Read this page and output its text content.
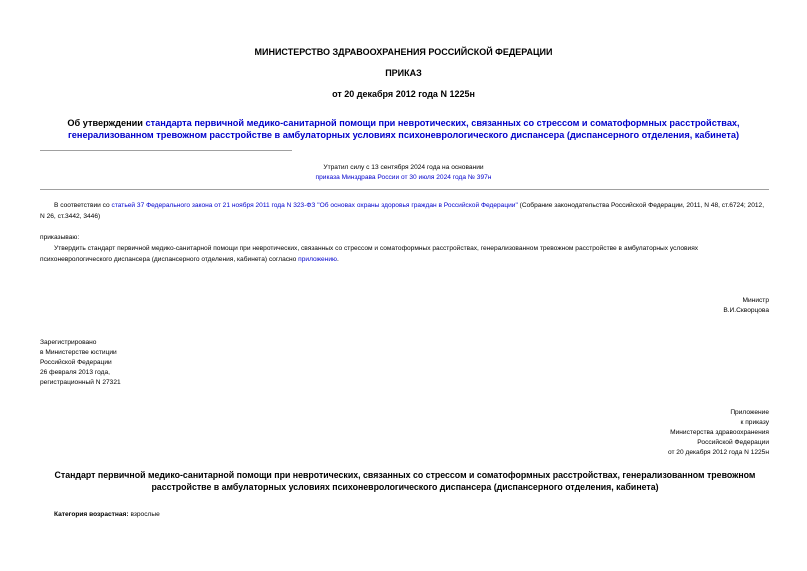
МИНИСТЕРСТВО ЗДРАВООХРАНЕНИЯ РОССИЙСКОЙ ФЕДЕРАЦИИ
ПРИКАЗ
от 20 декабря 2012 года N 1225н
Об утверждении стандарта первичной медико-санитарной помощи при невротических, связанных со стрессом и соматоформных расстройствах, генерализованном тревожном расстройстве в амбулаторных условиях психоневрологического диспансера (диспансерного отделения, кабинета)
Утратил силу с 13 сентября 2024 года на основании
приказа Минздрава России от 30 июля 2024 года № 397н
В соответствии со статьей 37 Федерального закона от 21 ноября 2011 года N 323-ФЗ "Об основах охраны здоровья граждан в Российской Федерации" (Собрание законодательства Российской Федерации, 2011, N 48, ст.6724; 2012, N 26, ст.3442, 3446)
приказываю:
Утвердить стандарт первичной медико-санитарной помощи при невротических, связанных со стрессом и соматоформных расстройствах, генерализованном тревожном расстройстве в амбулаторных условиях психоневрологического диспансера (диспансерного отделения, кабинета) согласно приложению.
Министр
В.И.Скворцова
Зарегистрировано
в Министерстве юстиции
Российской Федерации
26 февраля 2013 года,
регистрационный N 27321
Приложение
к приказу
Министерства здравоохранения
Российской Федерации
от 20 декабря 2012 года N 1225н
Стандарт первичной медико-санитарной помощи при невротических, связанных со стрессом и соматоформных расстройствах, генерализованном тревожном расстройстве в амбулаторных условиях психоневрологического диспансера (диспансерного отделения, кабинета)
Категория возрастная: взрослые
